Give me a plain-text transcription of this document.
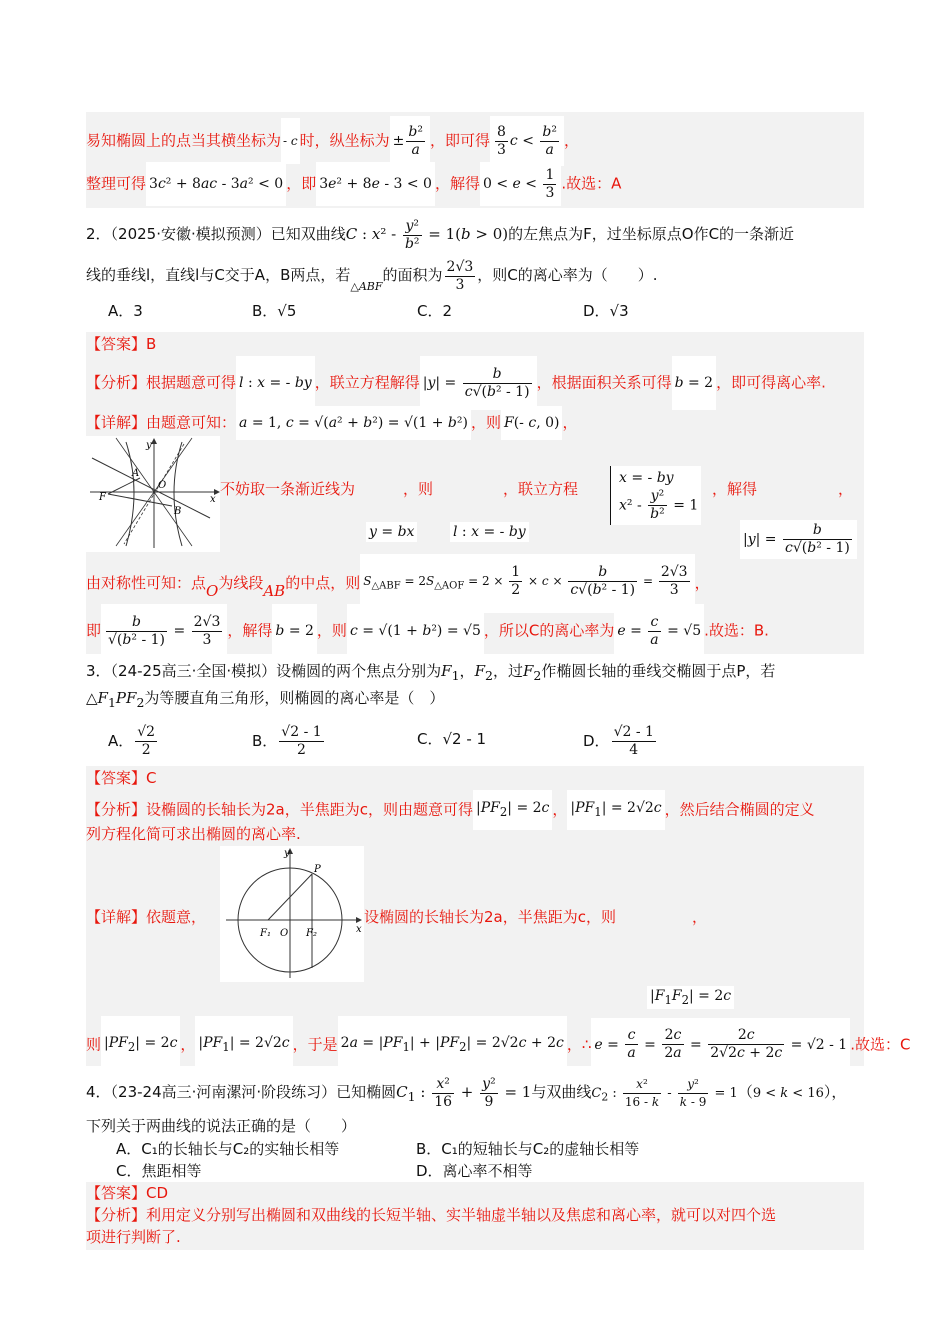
易知椭圆上的点当其横坐标为 - c 时，纵坐标为 ± $\frac{\text{b²}}{a}$ ，即可得 $\frac{8}{3}$ $c < \frac{\text{b²}}{a}$ ，
整理可得 3c² + 8ac - 3a² < 0 ，即 3e² + 8e - 3 < 0 ，解得 $0 < e < \frac{1}{3}$ .故选：A
2．（2025·安徽·模拟预测）已知双曲线C : $x^2 - \frac{\text{y²}}{\text{b²}} = 1(b > 0)$的左焦点为F，过坐标原点O作C的一条渐近
线的垂线l，直线l与C交于A，B两点，若$_{\triangle ABF}$的面积为 $\frac{2√3}{3}$ ，则C的离心率为（　　）.
A．3	B．√5	C．2	D．√3
【答案】B
【分析】根据题意可得 l : x = - by ，联立方程解得 $|y| = \frac{b}{\text{c√(b² - 1)}}$ ，根据面积关系可得 b = 2 ，即可得离心率.
【详解】由题意可知： a = 1, c = √(a² + b²) = √(1 + b²) ，则 F(- c, 0) ，
y
A
O
F
B
x
不妨取一条渐近线为	，则	，联立方程
x = - by
$x^2 - \frac{\text{y²}}{\text{b²}} = 1$
，解得	，
y = bx	l : x = - by	$|y| = \frac{b}{\text{c√(b² - 1)}}$
由对称性可知：点O为线段AB的中点，则 $S_{\triangle ABF} = 2S_{\triangle AOF} = 2 \times \frac{1}{2} \times c \times \frac{b}{\text{c√(b² - 1)}} = \frac{2√3}{3}$ ，
即 $\frac{b}{\text{√(b² - 1)}} = \frac{2√3}{3}$ ，解得 b = 2 ，则 c = √(1 + b²) = √5 ，所以C的离心率为 $e = \frac{c}{a} = √5$ .故选：B.
3．（24-25高三·全国·模拟）设椭圆的两个焦点分别为$F_1$，$F_2$，过$F_2$作椭圆长轴的垂线交椭圆于点P，若
$\triangle F_1PF_2$为等腰直角三角形，则椭圆的离心率是（　）
A． $\frac{√2}{2}$	B． $\frac{√2 - 1}{2}$	C．√2 - 1	D． $\frac{√2 - 1}{4}$
【答案】C
【分析】设椭圆的长轴长为2a，半焦距为c，则由题意可得 $|PF_2| = 2c$ ， $|PF_1| = 2√2c$ ，然后结合椭圆的定义
列方程化简可求出椭圆的离心率.
【详解】依题意，
y
P
F₁ O F₂	x
设椭圆的长轴长为2a，半焦距为c，则	，
$|F_1F_2| = 2c$
则 $|PF_2| = 2c$ ， $|PF_1| = 2√2c$ ，于是 $2a = |PF_1| + |PF_2| = 2√2c + 2c$ ，∴ $e = \frac{c}{a} = \frac{2c}{2a} = \frac{2c}{2√2c + 2c} = √2 - 1$ .故选：C
4．（23-24高三·河南漯河·阶段练习）已知椭圆$C_1$ : $\frac{\text{x²}}{16} + \frac{\text{y²}}{9} = 1$与双曲线$C_2$ : $\frac{\text{x²}}{16 - k} - \frac{\text{y²}}{k - 9} = 1(9 < k < 16)$，
下列关于两曲线的说法正确的是（　　）
A．C₁的长轴长与C₂的实轴长相等	B．C₁的短轴长与C₂的虚轴长相等
C．焦距相等	D．离心率不相等
【答案】CD
【分析】利用定义分别写出椭圆和双曲线的长短半轴、实半轴虚半轴以及焦虑和离心率，就可以对四个选
项进行判断了.
